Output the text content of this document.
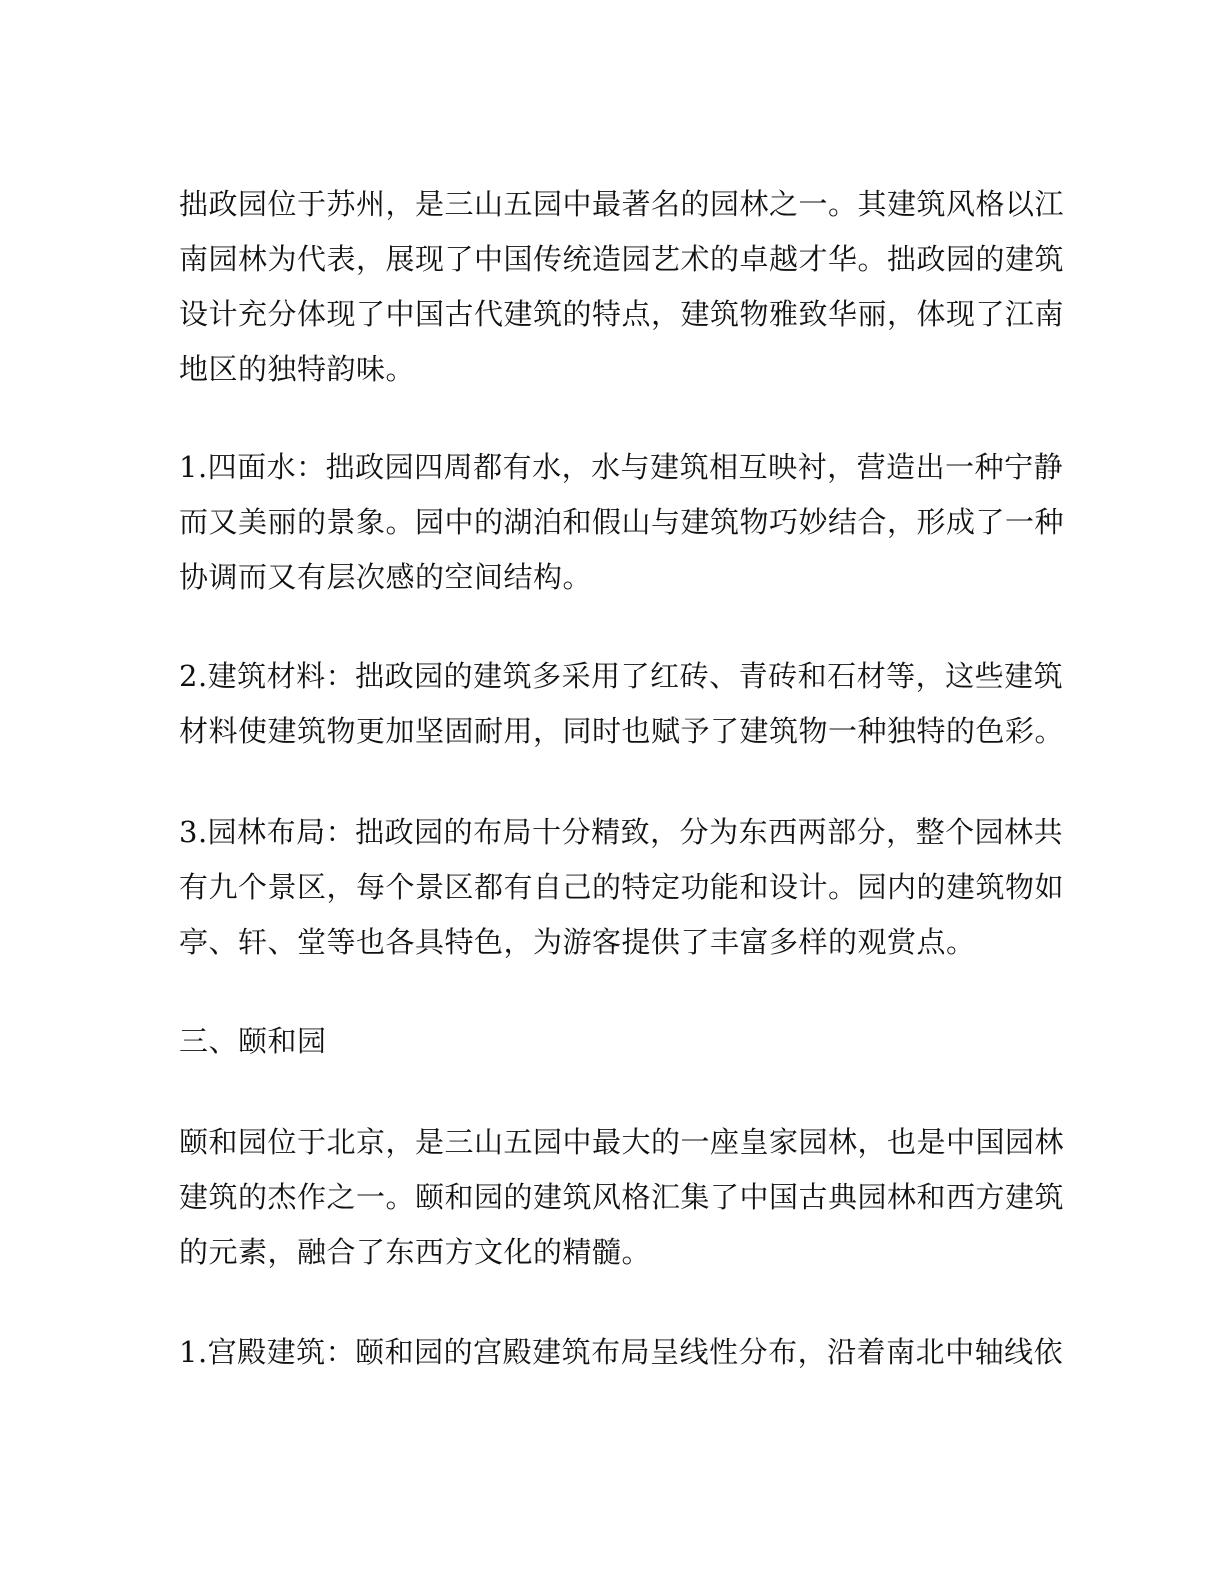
拙政园位于苏州，是三山五园中最著名的园林之一。其建筑风格以江
南园林为代表，展现了中国传统造园艺术的卓越才华。拙政园的建筑
设计充分体现了中国古代建筑的特点，建筑物雅致华丽，体现了江南
地区的独特韵味。

1.四面水：拙政园四周都有水，水与建筑相互映衬，营造出一种宁静
而又美丽的景象。园中的湖泊和假山与建筑物巧妙结合，形成了一种
协调而又有层次感的空间结构。

2.建筑材料：拙政园的建筑多采用了红砖、青砖和石材等，这些建筑
材料使建筑物更加坚固耐用，同时也赋予了建筑物一种独特的色彩。

3.园林布局：拙政园的布局十分精致，分为东西两部分，整个园林共
有九个景区，每个景区都有自己的特定功能和设计。园内的建筑物如
亭、轩、堂等也各具特色，为游客提供了丰富多样的观赏点。

三、颐和园

颐和园位于北京，是三山五园中最大的一座皇家园林，也是中国园林
建筑的杰作之一。颐和园的建筑风格汇集了中国古典园林和西方建筑
的元素，融合了东西方文化的精髓。

1.宫殿建筑：颐和园的宫殿建筑布局呈线性分布，沿着南北中轴线依
